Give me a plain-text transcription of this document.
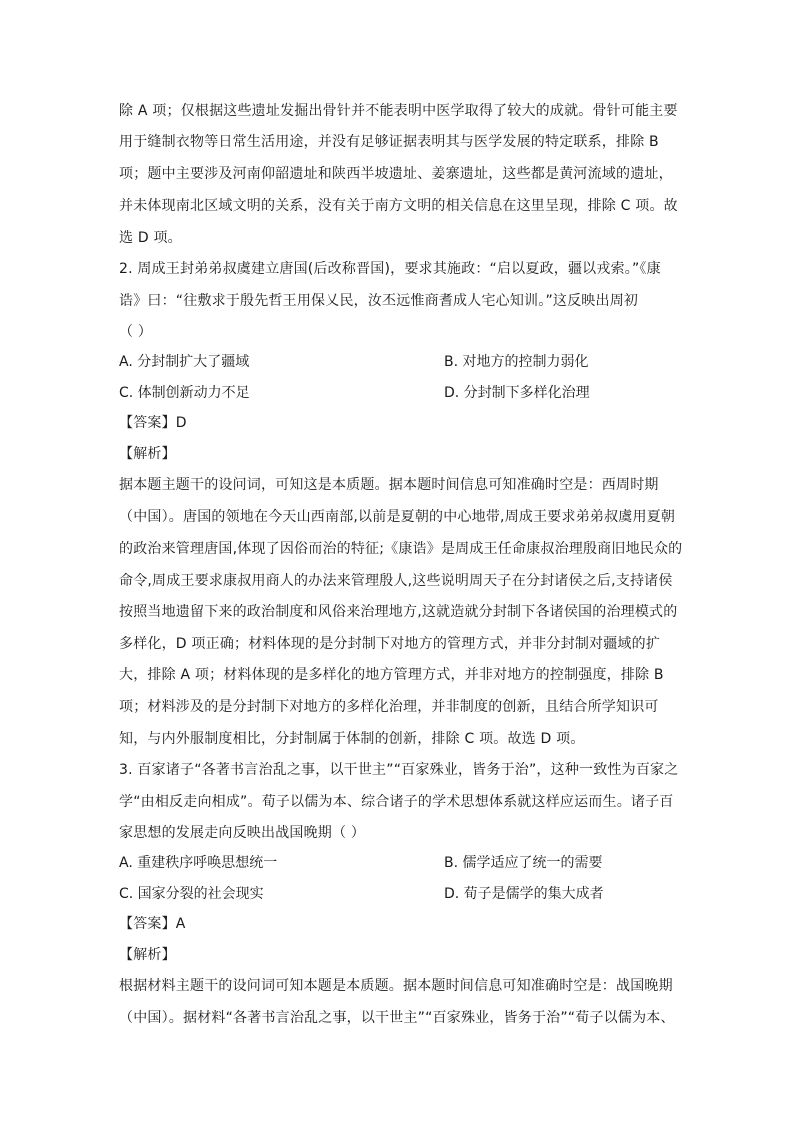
除 A 项；仅根据这些遗址发掘出骨针并不能表明中医学取得了较大的成就。骨针可能主要
用于缝制衣物等日常生活用途，并没有足够证据表明其与医学发展的特定联系，排除 B
项；题中主要涉及河南仰韶遗址和陕西半坡遗址、姜寨遗址，这些都是黄河流域的遗址，
并未体现南北区域文明的关系，没有关于南方文明的相关信息在这里呈现，排除 C 项。故
选 D 项。
2. 周成王封弟弟叔虞建立唐国(后改称晋国)，要求其施政：“启以夏政，疆以戎索。”《康
诰》曰：“往敷求于殷先哲王用保乂民，汝丕远惟商耆成人宅心知训。”这反映出周初
（ ）
A. 分封制扩大了疆域	B. 对地方的控制力弱化
C. 体制创新动力不足	D. 分封制下多样化治理
【答案】D
【解析】
据本题主题干的设问词，可知这是本质题。据本题时间信息可知准确时空是：西周时期
（中国）。唐国的领地在今天山西南部,以前是夏朝的中心地带,周成王要求弟弟叔虞用夏朝
的政治来管理唐国,体现了因俗而治的特征;《康诰》是周成王任命康叔治理殷商旧地民众的
命令,周成王要求康叔用商人的办法来管理殷人,这些说明周天子在分封诸侯之后,支持诸侯
按照当地遗留下来的政治制度和风俗来治理地方,这就造就分封制下各诸侯国的治理模式的
多样化，D 项正确；材料体现的是分封制下对地方的管理方式，并非分封制对疆域的扩
大，排除 A 项；材料体现的是多样化的地方管理方式，并非对地方的控制强度，排除 B
项；材料涉及的是分封制下对地方的多样化治理，并非制度的创新，且结合所学知识可
知，与内外服制度相比，分封制属于体制的创新，排除 C 项。故选 D 项。
3. 百家诸子“各著书言治乱之事，以干世主”“百家殊业，皆务于治”，这种一致性为百家之
学“由相反走向相成”。荀子以儒为本、综合诸子的学术思想体系就这样应运而生。诸子百
家思想的发展走向反映出战国晚期（ ）
A. 重建秩序呼唤思想统一	B. 儒学适应了统一的需要
C. 国家分裂的社会现实	D. 荀子是儒学的集大成者
【答案】A
【解析】
根据材料主题干的设问词可知本题是本质题。据本题时间信息可知准确时空是：战国晚期
（中国）。据材料“各著书言治乱之事，以干世主”“百家殊业，皆务于治”“荀子以儒为本、
